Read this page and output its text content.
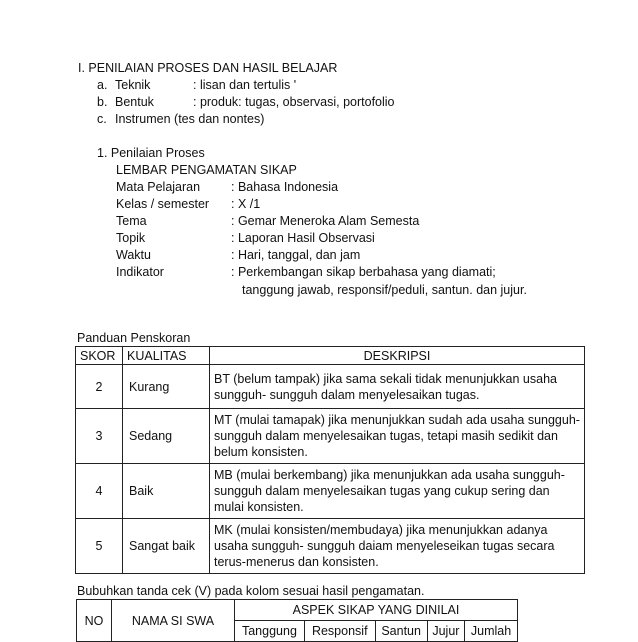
I. PENILAIAN PROSES DAN HASIL BELAJAR
a. Teknik	: lisan dan tertulis '
b. Bentuk	: produk: tugas, observasi, portofolio
c. Instrumen (tes dan nontes)
1. Penilaian Proses
LEMBAR PENGAMATAN SIKAP
Mata Pelajaran : Bahasa Indonesia
Kelas / semester : X /1
Tema	: Gemar Meneroka Alam Semesta
Topik	: Laporan Hasil Observasi
Waktu	: Hari, tanggal, dan jam
Indikator	: Perkembangan sikap berbahasa yang diamati;
tanggung jawab, responsif/peduli, santun. dan jujur.
Panduan Penskoran
SKOR	KUALITAS	DESKRIPSI
2	Kurang	BT (belum tampak) jika sama sekali tidak menunjukkan usaha sungguh- sungguh dalam menyelesaikan tugas.
3	Sedang	MT (mulai tamapak) jika menunjukkan sudah ada usaha sungguh-sungguh dalam menyelesaikan tugas, tetapi masih sedikit dan belum konsisten.
4	Baik	MB (mulai berkembang) jika menunjukkan ada usaha sungguh- sungguh dalam menyelesaikan tugas yang cukup sering dan mulai konsisten.
5	Sangat baik	MK (mulai konsisten/membudaya) jika menunjukkan adanya usaha sungguh- sungguh daiam menyeleseikan tugas secara terus-menerus dan konsisten.
Bubuhkan tanda cek (V) pada kolom sesuai hasil pengamatan.
NO	NAMA SI SWA	ASPEK SIKAP YANG DINILAI				
		Tanggung	Responsif	Santun	Jujur	Jumlah
